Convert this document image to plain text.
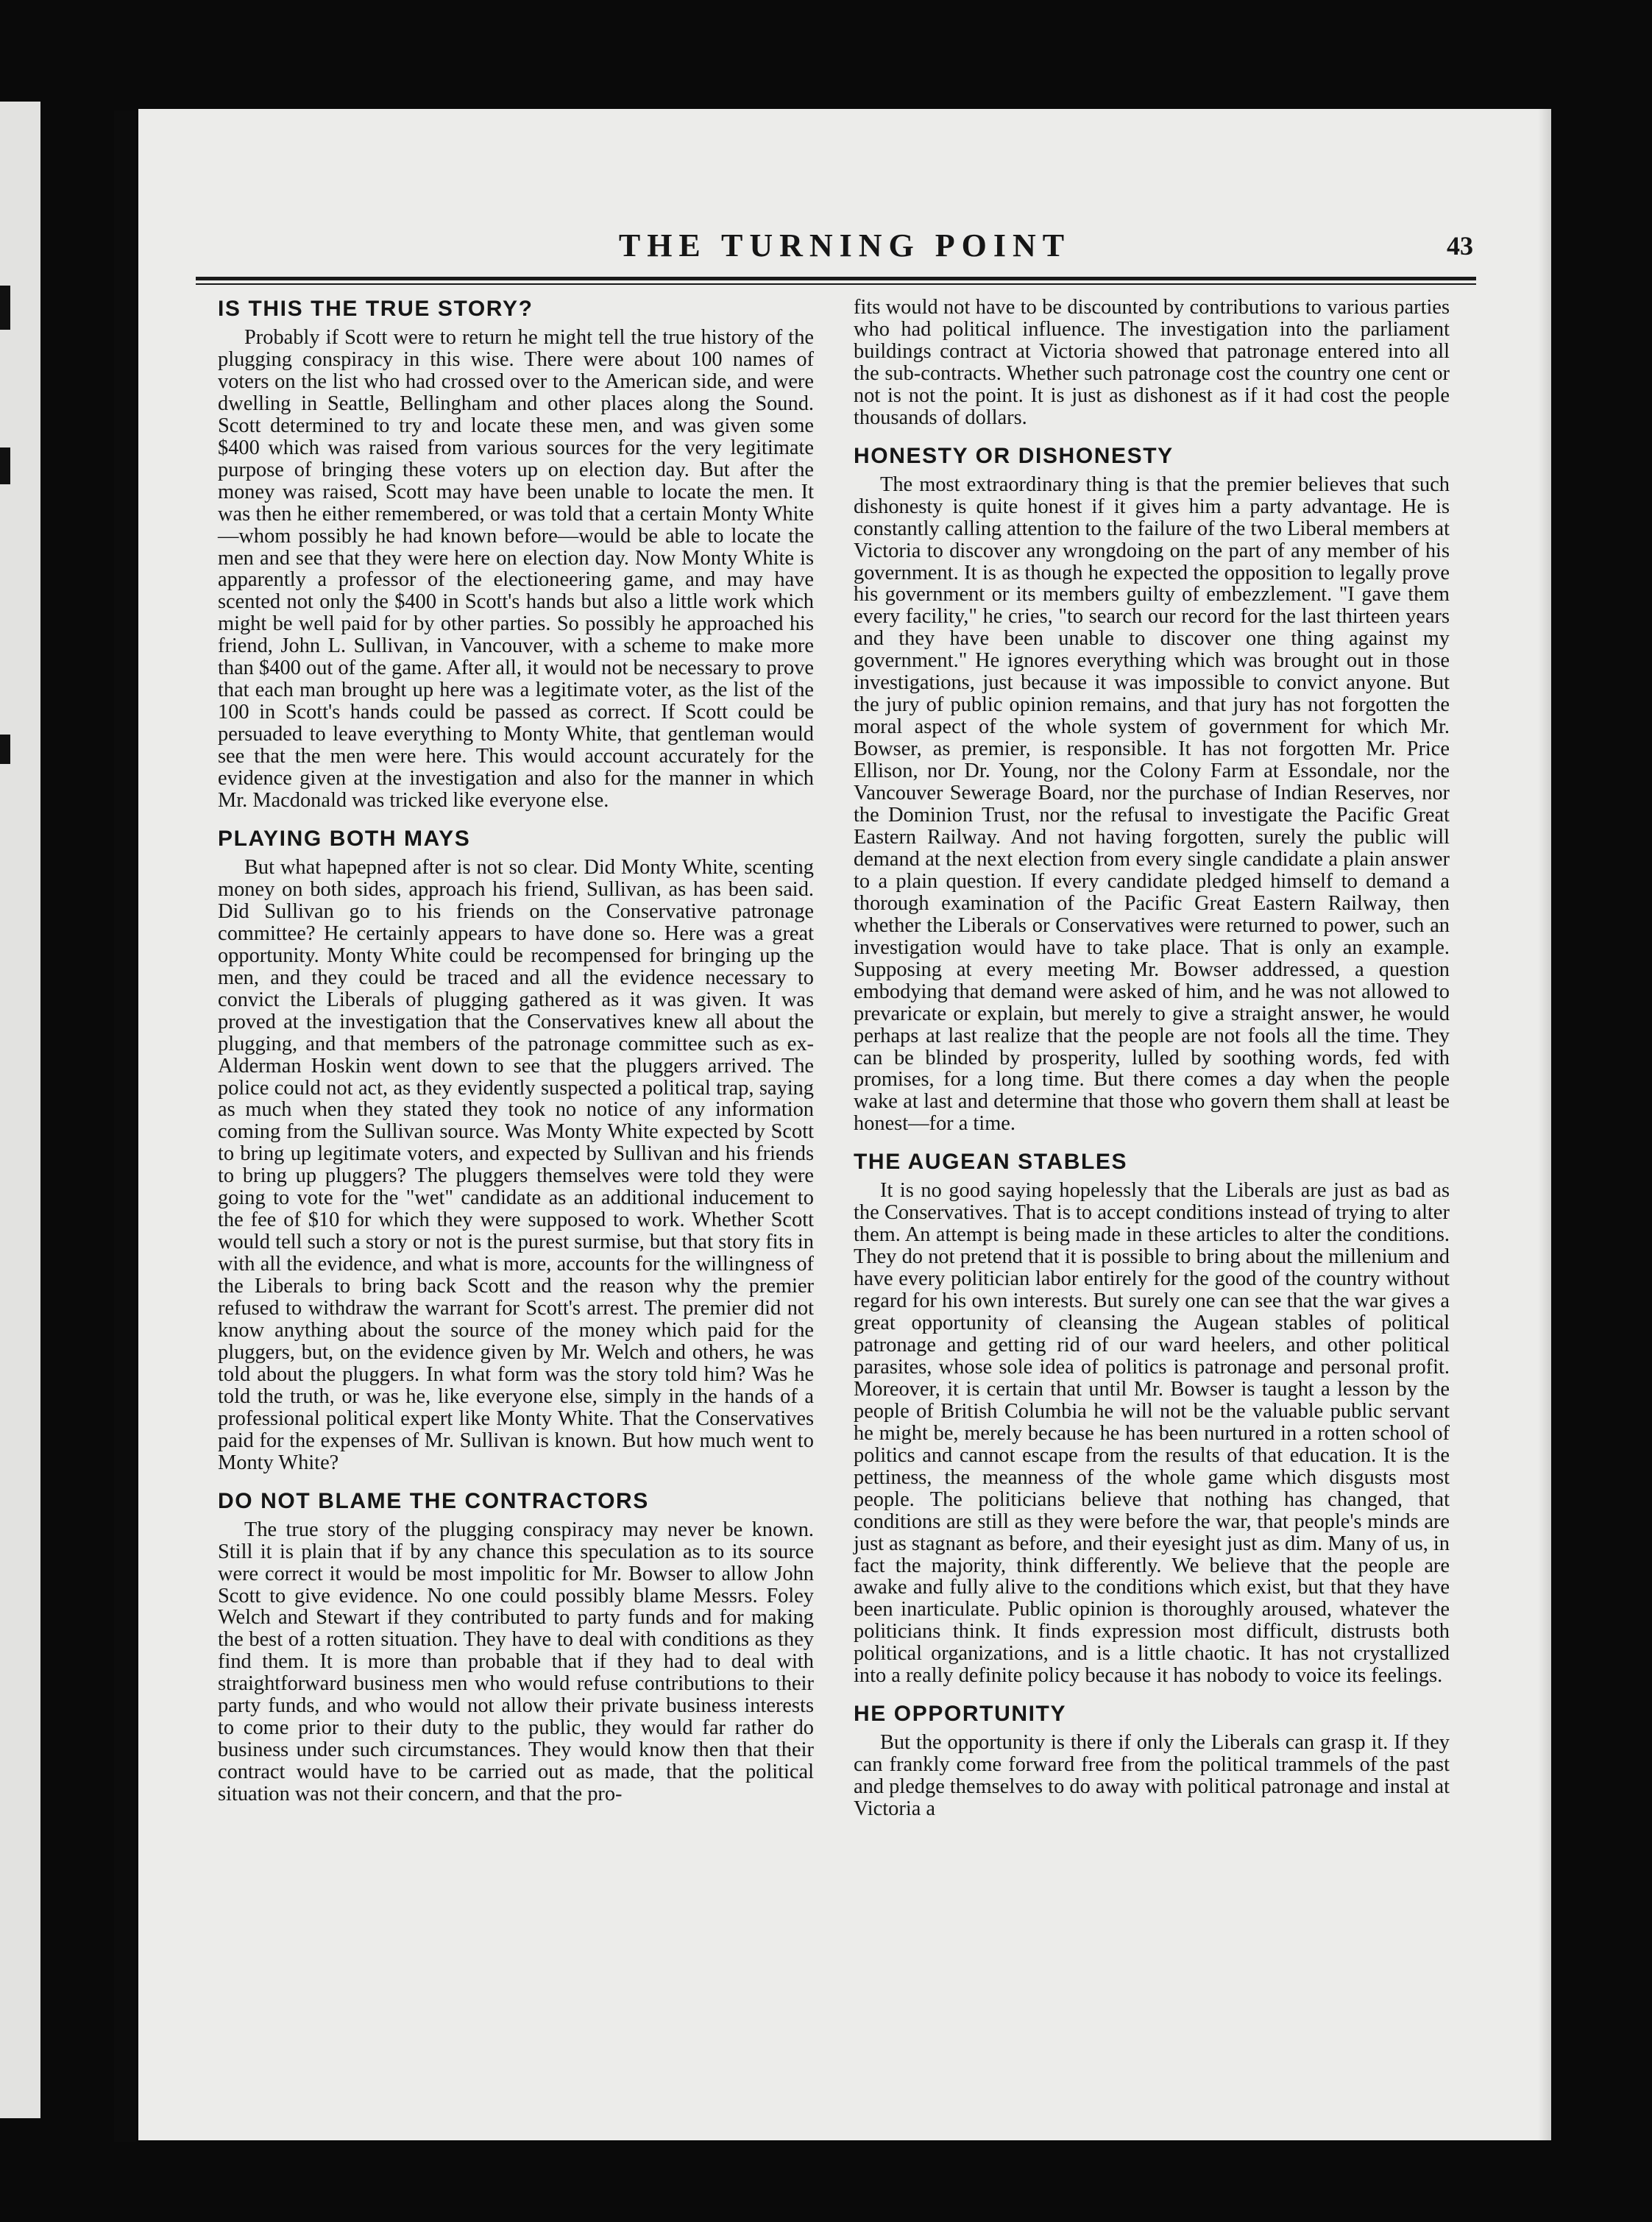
THE TURNING POINT	43
IS THIS THE TRUE STORY?

Probably if Scott were to return he might tell the true history of the plugging conspiracy in this wise. There were about 100 names of voters on the list who had crossed over to the American side, and were dwelling in Seattle, Bellingham and other places along the Sound. Scott determined to try and locate these men, and was given some $400 which was raised from various sources for the very legitimate purpose of bringing these voters up on election day. But after the money was raised, Scott may have been unable to locate the men. It was then he either remembered, or was told that a certain Monty White—whom possibly he had known before—would be able to locate the men and see that they were here on election day. Now Monty White is apparently a professor of the electioneering game, and may have scented not only the $400 in Scott's hands but also a little work which might be well paid for by other parties. So possibly he approached his friend, John L. Sullivan, in Vancouver, with a scheme to make more than $400 out of the game. After all, it would not be necessary to prove that each man brought up here was a legitimate voter, as the list of the 100 in Scott's hands could be passed as correct. If Scott could be persuaded to leave everything to Monty White, that gentleman would see that the men were here. This would account accurately for the evidence given at the investigation and also for the manner in which Mr. Macdonald was tricked like everyone else.

PLAYING BOTH MAYS

But what hapepned after is not so clear. Did Monty White, scenting money on both sides, approach his friend, Sullivan, as has been said. Did Sullivan go to his friends on the Conservative patronage committee? He certainly appears to have done so. Here was a great opportunity. Monty White could be recompensed for bringing up the men, and they could be traced and all the evidence necessary to convict the Liberals of plugging gathered as it was given. It was proved at the investigation that the Conservatives knew all about the plugging, and that members of the patronage committee such as ex-Alderman Hoskin went down to see that the pluggers arrived. The police could not act, as they evidently suspected a political trap, saying as much when they stated they took no notice of any information coming from the Sullivan source. Was Monty White expected by Scott to bring up legitimate voters, and expected by Sullivan and his friends to bring up pluggers? The pluggers themselves were told they were going to vote for the "wet" candidate as an additional inducement to the fee of $10 for which they were supposed to work. Whether Scott would tell such a story or not is the purest surmise, but that story fits in with all the evidence, and what is more, accounts for the willingness of the Liberals to bring back Scott and the reason why the premier refused to withdraw the warrant for Scott's arrest. The premier did not know anything about the source of the money which paid for the pluggers, but, on the evidence given by Mr. Welch and others, he was told about the pluggers. In what form was the story told him? Was he told the truth, or was he, like everyone else, simply in the hands of a professional political expert like Monty White. That the Conservatives paid for the expenses of Mr. Sullivan is known. But how much went to Monty White?

DO NOT BLAME THE CONTRACTORS

The true story of the plugging conspiracy may never be known. Still it is plain that if by any chance this speculation as to its source were correct it would be most impolitic for Mr. Bowser to allow John Scott to give evidence. No one could possibly blame Messrs. Foley Welch and Stewart if they contributed to party funds and for making the best of a rotten situation. They have to deal with conditions as they find them. It is more than probable that if they had to deal with straightforward business men who would refuse contributions to their party funds, and who would not allow their private business interests to come prior to their duty to the public, they would far rather do business under such circumstances. They would know then that their contract would have to be carried out as made, that the political situation was not their concern, and that the pro-

fits would not have to be discounted by contributions to various parties who had political influence. The investigation into the parliament buildings contract at Victoria showed that patronage entered into all the sub-contracts. Whether such patronage cost the country one cent or not is not the point. It is just as dishonest as if it had cost the people thousands of dollars.

HONESTY OR DISHONESTY

The most extraordinary thing is that the premier believes that such dishonesty is quite honest if it gives him a party advantage. He is constantly calling attention to the failure of the two Liberal members at Victoria to discover any wrongdoing on the part of any member of his government. It is as though he expected the opposition to legally prove his government or its members guilty of embezzlement. "I gave them every facility," he cries, "to search our record for the last thirteen years and they have been unable to discover one thing against my government." He ignores everything which was brought out in those investigations, just because it was impossible to convict anyone. But the jury of public opinion remains, and that jury has not forgotten the moral aspect of the whole system of government for which Mr. Bowser, as premier, is responsible. It has not forgotten Mr. Price Ellison, nor Dr. Young, nor the Colony Farm at Essondale, nor the Vancouver Sewerage Board, nor the purchase of Indian Reserves, nor the Dominion Trust, nor the refusal to investigate the Pacific Great Eastern Railway. And not having forgotten, surely the public will demand at the next election from every single candidate a plain answer to a plain question. If every candidate pledged himself to demand a thorough examination of the Pacific Great Eastern Railway, then whether the Liberals or Conservatives were returned to power, such an investigation would have to take place. That is only an example. Supposing at every meeting Mr. Bowser addressed, a question embodying that demand were asked of him, and he was not allowed to prevaricate or explain, but merely to give a straight answer, he would perhaps at last realize that the people are not fools all the time. They can be blinded by prosperity, lulled by soothing words, fed with promises, for a long time. But there comes a day when the people wake at last and determine that those who govern them shall at least be honest—for a time.

THE AUGEAN STABLES

It is no good saying hopelessly that the Liberals are just as bad as the Conservatives. That is to accept conditions instead of trying to alter them. An attempt is being made in these articles to alter the conditions. They do not pretend that it is possible to bring about the millenium and have every politician labor entirely for the good of the country without regard for his own interests. But surely one can see that the war gives a great opportunity of cleansing the Augean stables of political patronage and getting rid of our ward heelers, and other political parasites, whose sole idea of politics is patronage and personal profit. Moreover, it is certain that until Mr. Bowser is taught a lesson by the people of British Columbia he will not be the valuable public servant he might be, merely because he has been nurtured in a rotten school of politics and cannot escape from the results of that education. It is the pettiness, the meanness of the whole game which disgusts most people. The politicians believe that nothing has changed, that conditions are still as they were before the war, that people's minds are just as stagnant as before, and their eyesight just as dim. Many of us, in fact the majority, think differently. We believe that the people are awake and fully alive to the conditions which exist, but that they have been inarticulate. Public opinion is thoroughly aroused, whatever the politicians think. It finds expression most difficult, distrusts both political organizations, and is a little chaotic. It has not crystallized into a really definite policy because it has nobody to voice its feelings.

HE OPPORTUNITY

But the opportunity is there if only the Liberals can grasp it. If they can frankly come forward free from the political trammels of the past and pledge themselves to do away with political patronage and instal at Victoria a
